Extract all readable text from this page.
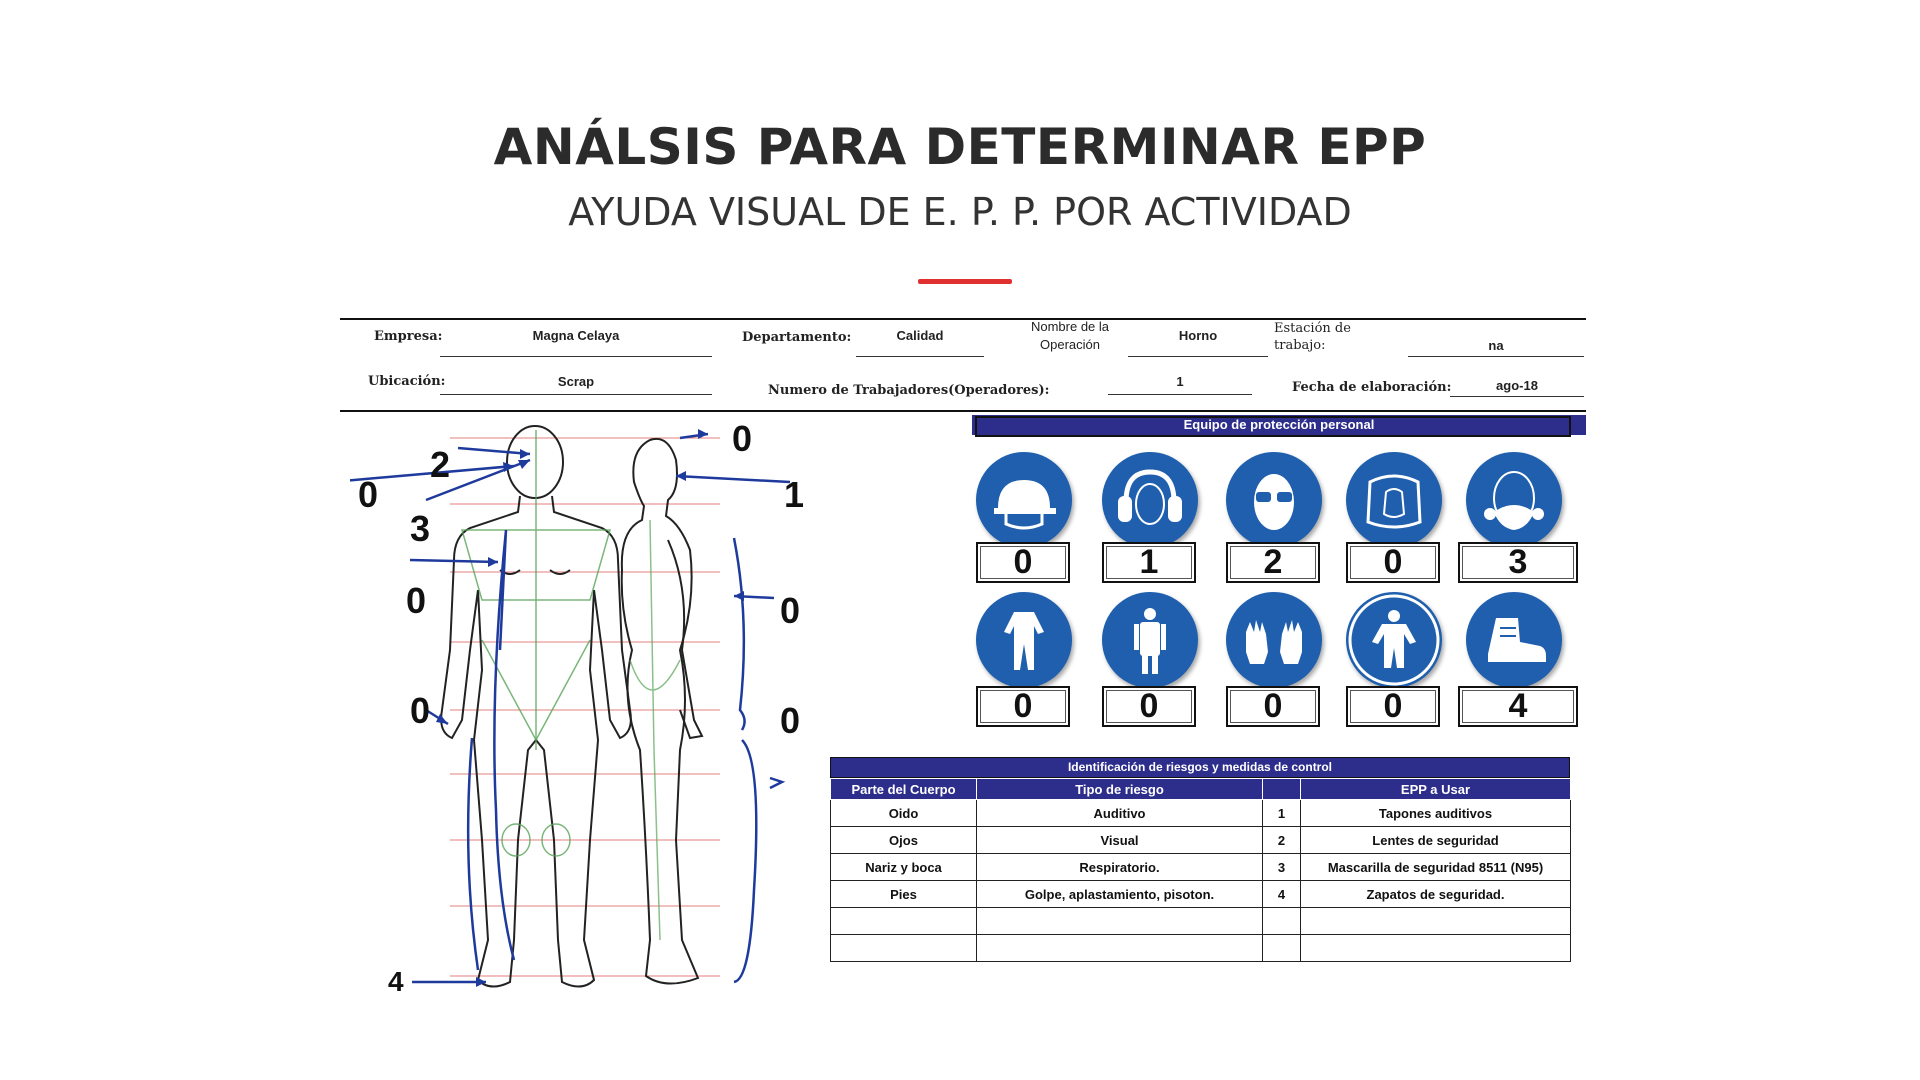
ANÁLSIS PARA DETERMINAR EPP
AYUDA VISUAL DE E. P. P. POR ACTIVIDAD
Empresa:	Magna Celaya	Departamento:	Calidad
Nombre de la
Operación
Horno	Estación de
trabajo:	na
Ubicación:	Scrap
Numero de Trabajadores(Operadores):
1	Fecha de elaboración:	ago-18
2
0
3
0
0
4
0
1
0
0
Equipo de protección personal
0	1	2	0	3
0	0	0	0	4
Identificación de riesgos y medidas de control
Parte del Cuerpo	Tipo de riesgo		EPP a Usar
Oido	Auditivo	1	Tapones auditivos
Ojos	Visual	2	Lentes de seguridad
Nariz y boca	Respiratorio.	3	Mascarilla de seguridad 8511 (N95)
Pies	Golpe, aplastamiento, pisoton.	4	Zapatos de seguridad.
